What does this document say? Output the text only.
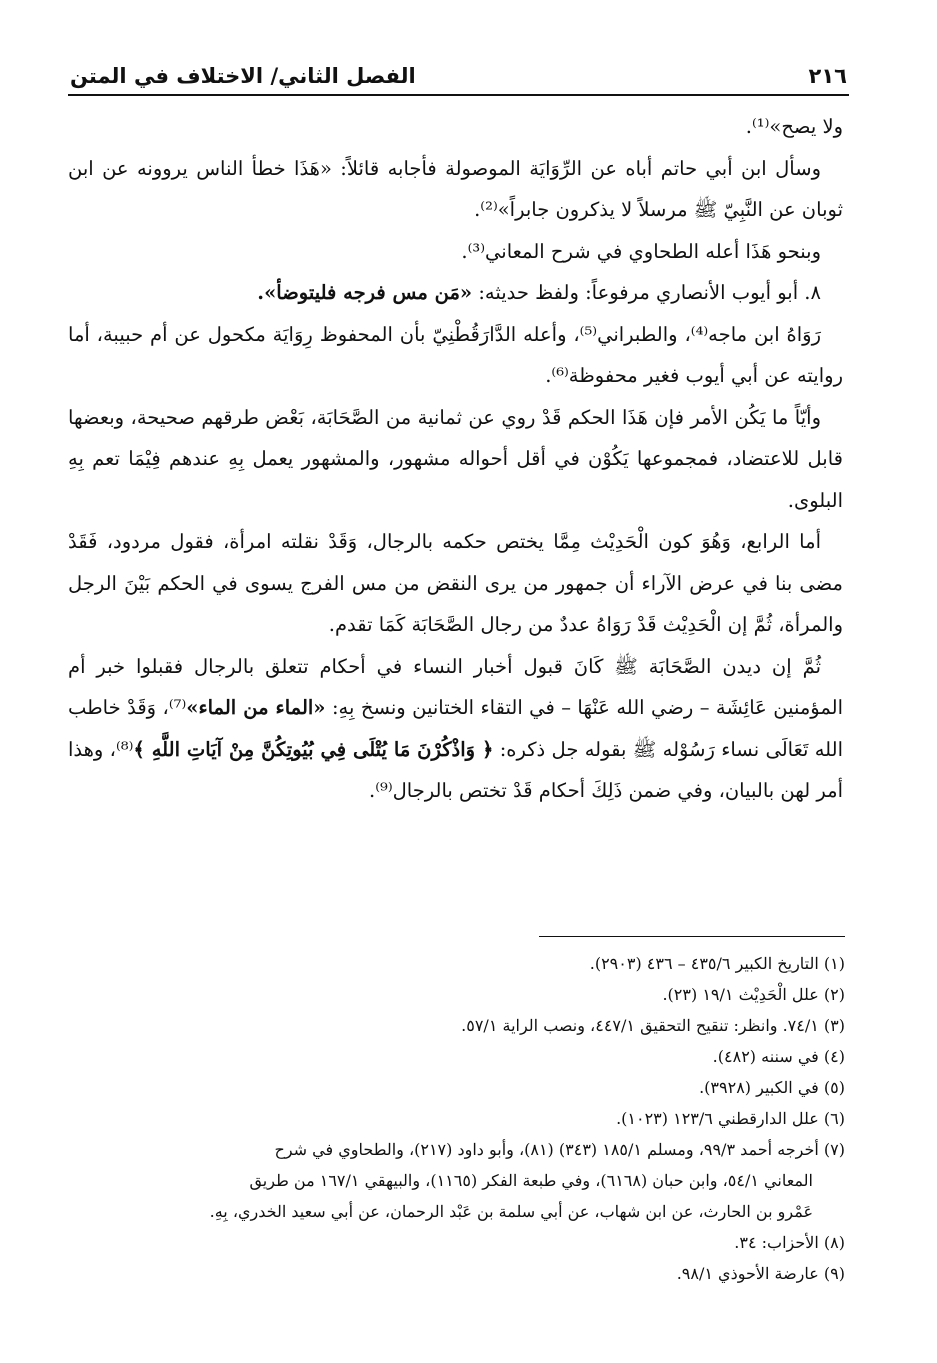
٢١٦
الفصل الثاني/ الاختلاف في المتن

ولا يصح»⁽¹⁾.

وسأل ابن أبي حاتم أباه عن الرِّوَايَة الموصولة فأجابه قائلاً: «هَذَا خطأ الناس يروونه عن ابن ثوبان عن النَّبِيّ ﷺ مرسلاً لا يذكرون جابراً»⁽²⁾.

وبنحو هَذَا أعله الطحاوي في شرح المعاني⁽³⁾.

٨. أبو أيوب الأنصاري مرفوعاً: ولفظ حديثه: «مَن مس فرجه فليتوضأ».

رَوَاهُ ابن ماجه⁽⁴⁾، والطبراني⁽⁵⁾، وأعله الدَّارَقُطْنِيّ بأن المحفوظ رِوَايَة مكحول عن أم حبيبة، أما روايته عن أبي أيوب فغير محفوظة⁽⁶⁾.

وأيّاً ما يَكُن الأمر فإن هَذَا الحكم قَدْ روي عن ثمانية من الصَّحَابَة، بَعْض طرقهم صحيحة، وبعضها قابل للاعتضاد، فمجموعها يَكُوْن في أقل أحواله مشهور، والمشهور يعمل بِهِ عندهم فِيْمَا تعم بِهِ البلوى.

أما الرابع، وَهُوَ كون الْحَدِيْث مِمَّا يختص حكمه بالرجال، وَقَدْ نقلته امرأة، فقول مردود، فَقَدْ مضى بنا في عرض الآراء أن جمهور من يرى النقض من مس الفرج يسوى في الحكم بَيْنَ الرجل والمرأة، ثُمَّ إن الْحَدِيْث قَدْ رَوَاهُ عددٌ من رجال الصَّحَابَة كَمَا تقدم.

ثُمَّ إن ديدن الصَّحَابَة ﷺ كَانَ قبول أخبار النساء في أحكام تتعلق بالرجال فقبلوا خبر أم المؤمنين عَائِشَة – رضي الله عَنْهَا – في التقاء الختانين ونسخ بِهِ: «الماء من الماء»⁽⁷⁾، وَقَدْ خاطب الله تَعَالَى نساء رَسُوْله ﷺ بقوله جل ذكره: ﴿ وَاذْكُرْنَ مَا يُتْلَى فِي بُيُوتِكُنَّ مِنْ آيَاتِ اللَّهِ ﴾⁽⁸⁾، وهذا أمر لهن بالبيان، وفي ضمن ذَلِكَ أحكام قَدْ تختص بالرجال⁽⁹⁾.

(١) التاريخ الكبير ٤٣٥/٦ – ٤٣٦ (٢٩٠٣).

(٢) علل الْحَدِيْث ١٩/١ (٢٣).

(٣) ٧٤/١. وانظر: تنقيح التحقيق ٤٤٧/١، ونصب الراية ٥٧/١.

(٤) في سننه (٤٨٢).

(٥) في الكبير (٣٩٢٨).

(٦) علل الدارقطني ١٢٣/٦ (١٠٢٣).

(٧) أخرجه أحمد ٩٩/٣، ومسلم ١٨٥/١ (٣٤٣) (٨١)، وأبو داود (٢١٧)، والطحاوي في شرح

المعاني ٥٤/١، وابن حبان (٦١٦٨)، وفي طبعة الفكر (١١٦٥)، والبيهقي ١٦٧/١ من طريق

عَمْرو بن الحارث، عن ابن شهاب، عن أبي سلمة بن عَبْد الرحمان، عن أبي سعيد الخدري، بِهِ.

(٨) الأحزاب: ٣٤.

(٩) عارضة الأحوذي ٩٨/١.
